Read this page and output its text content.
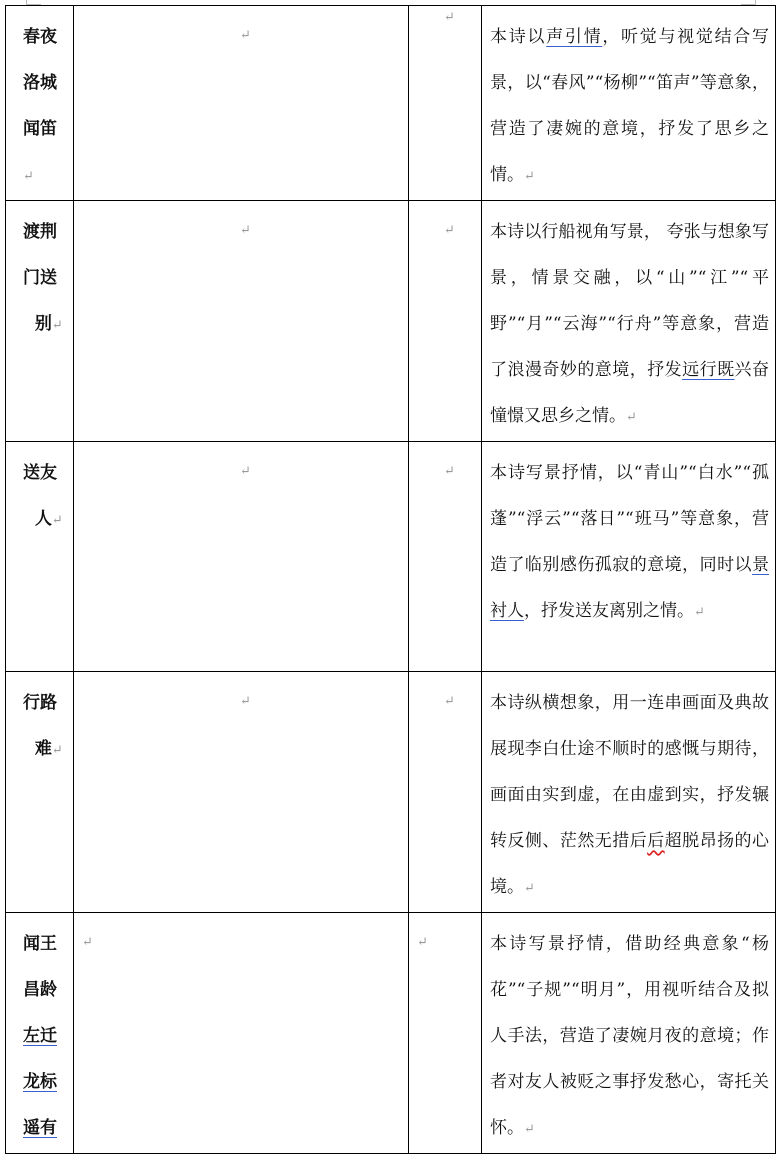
春夜
洛城
闻笛↵	↵	↵	本诗以声引情，听觉与视觉结合写景，以“春风”“杨柳”“笛声”等意象，营造了凄婉的意境，抒发了思乡之情。↵

渡荆
门送
别↵	↵	↵	本诗以行船视角写景， 夸张与想象写景，情景交融，以“山”“江”“平野”“月”“云海”“行舟”等意象，营造了浪漫奇妙的意境，抒发远行既兴奋憧憬又思乡之情。↵

送友
人↵	↵	↵	本诗写景抒情，以“青山”“白水”“孤蓬”“浮云”“落日”“班马”等意象，营造了临别感伤孤寂的意境，同时以景衬人，抒发送友离别之情。↵

行路
难↵	↵	↵	本诗纵横想象，用一连串画面及典故展现李白仕途不顺时的感慨与期待，画面由实到虚，在由虚到实，抒发辗转反侧、茫然无措后后超脱昂扬的心境。↵

闻王
昌龄
左迁
龙标
遥有	↵	↵	本诗写景抒情，借助经典意象“杨花”“子规”“明月”，用视听结合及拟人手法，营造了凄婉月夜的意境；作者对友人被贬之事抒发愁心，寄托关怀。↵
